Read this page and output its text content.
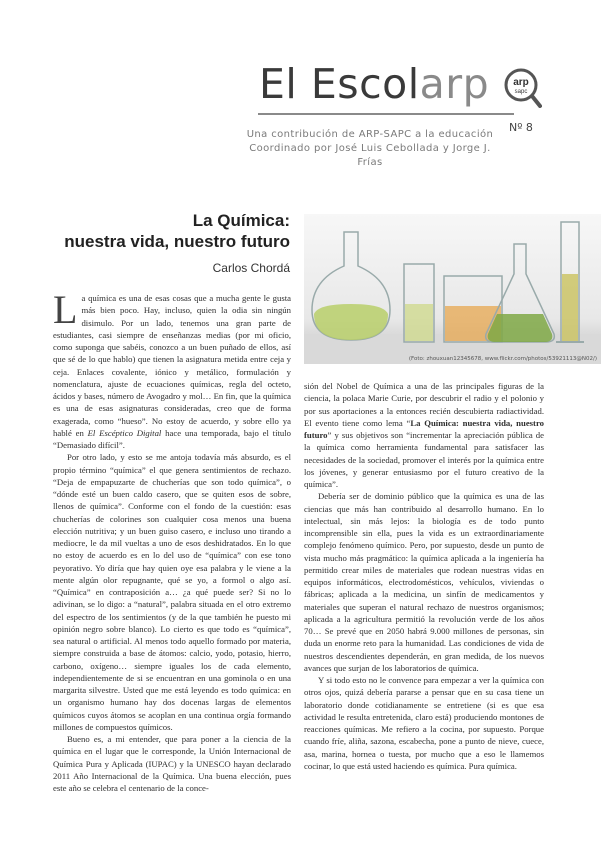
El Escolarp arp
sapc
Una contribución de ARP-SAPC a la educación
Coordinado por José Luis Cebollada y Jorge J. Frías
Nº 8
La Química:
nuestra vida, nuestro futuro
Carlos Chordá
(Foto: zhouxuan12345678, www.flickr.com/photos/53921113@N02/)

La química es una de esas cosas que a mucha gente le gusta más bien poco. Hay, incluso, quien la odia sin ningún disimulo. Por un lado, tenemos una gran parte de estudiantes, casi siempre de enseñanzas medias (por mi oficio, como suponga que sabéis, conozco a un buen puñado de ellos, así que sé de lo que hablo) que tienen la asignatura metida entre ceja y ceja. Enlaces covalente, iónico y metálico, formulación y nomenclatura, ajuste de ecuaciones químicas, regla del octeto, ácidos y bases, número de Avogadro y mol… En fin, que la química es una de esas asignaturas consideradas, creo que de forma exagerada, como “hueso”. No estoy de acuerdo, y sobre ello ya hablé en El Escéptico Digital hace una temporada, bajo el título “Demasiado difícil”.

Por otro lado, y esto se me antoja todavía más absurdo, es el propio término “química” el que genera sentimientos de rechazo. “Deja de empapuzarte de chucherías que son todo química”, o “dónde esté un buen caldo casero, que se quiten esos de sobre, llenos de química”. Conforme con el fondo de la cuestión: esas chucherías de colorines son cualquier cosa menos una buena elección nutritiva; y un buen guiso casero, e incluso uno tirando a mediocre, le da mil vueltas a uno de esos deshidratados. En lo que no estoy de acuerdo es en lo del uso de “química” con ese tono peyorativo. Yo diría que hay quien oye esa palabra y le viene a la mente algún olor repugnante, qué se yo, a formol o algo así. “Química” en contraposición a… ¿a qué puede ser? Si no lo adivinan, se lo digo: a “natural”, palabra situada en el otro extremo del espectro de los sentimientos (y de la que también he puesto mi opinión negro sobre blanco). Lo cierto es que todo es “química”, sea natural o artificial. Al menos todo aquello formado por materia, siempre construida a base de átomos: calcio, yodo, potasio, hierro, carbono, oxígeno… siempre iguales los de cada elemento, independientemente de si se encuentran en una gominola o en una margarita silvestre. Usted que me está leyendo es todo química: en un organismo humano hay dos docenas largas de elementos químicos cuyos átomos se acoplan en una continua orgía formando millones de compuestos químicos.

Bueno es, a mi entender, que para poner a la ciencia de la química en el lugar que le corresponde, la Unión Internacional de Química Pura y Aplicada (IUPAC) y la UNESCO hayan declarado 2011 Año Internacional de la Química. Una buena elección, pues este año se celebra el centenario de la conce-

sión del Nobel de Química a una de las principales figuras de la ciencia, la polaca Marie Curie, por descubrir el radio y el polonio y por sus aportaciones a la entonces recién descubierta radiactividad. El evento tiene como lema “La Química: nuestra vida, nuestro futuro” y sus objetivos son “incrementar la apreciación pública de la química como herramienta fundamental para satisfacer las necesidades de la sociedad, promover el interés por la química entre los jóvenes, y generar entusiasmo por el futuro creativo de la química”.

Debería ser de dominio público que la química es una de las ciencias que más han contribuido al desarrollo humano. En lo intelectual, sin más lejos: la biología es de todo punto incomprensible sin ella, pues la vida es un extraordinariamente complejo fenómeno químico. Pero, por supuesto, desde un punto de vista mucho más pragmático: la química aplicada a la ingeniería ha permitido crear miles de materiales que rodean nuestras vidas en equipos informáticos, electrodomésticos, vehículos, viviendas o fábricas; aplicada a la medicina, un sinfín de medicamentos y materiales que superan el natural rechazo de nuestros organismos; aplicada a la agricultura permitió la revolución verde de los años 70… Se prevé que en 2050 habrá 9.000 millones de personas, sin duda un enorme reto para la humanidad. Las condiciones de vida de nuestros descendientes dependerán, en gran medida, de los nuevos avances que surjan de los laboratorios de química.

Y si todo esto no le convence para empezar a ver la química con otros ojos, quizá debería pararse a pensar que en su casa tiene un laboratorio donde cotidianamente se entretiene (si es que esa actividad le resulta entretenida, claro está) produciendo montones de reacciones químicas. Me refiero a la cocina, por supuesto. Porque cuando fríe, aliña, sazona, escabecha, pone a punto de nieve, cuece, asa, marina, hornea o tuesta, por mucho que a eso le llamemos cocinar, lo que está usted haciendo es química. Pura química.
